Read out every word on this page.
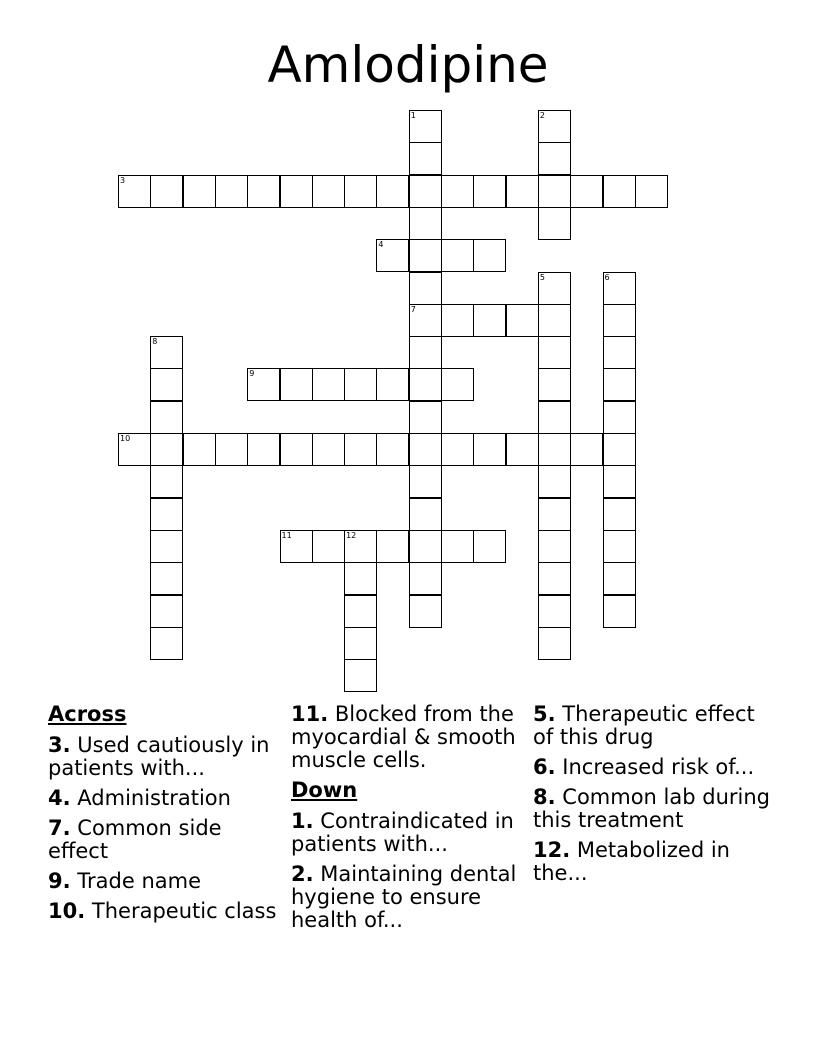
Amlodipine
1
7
2
3
4
5	6
8
9
10
11	12
Across
3. Used cautiously in patients with...
4. Administration
7. Common side effect
9. Trade name
10. Therapeutic class
11. Blocked from the myocardial & smooth muscle cells.
Down
1. Contraindicated in patients with...
2. Maintaining dental hygiene to ensure health of...
5. Therapeutic effect of this drug
6. Increased risk of...
8. Common lab during this treatment
12. Metabolized in the...
